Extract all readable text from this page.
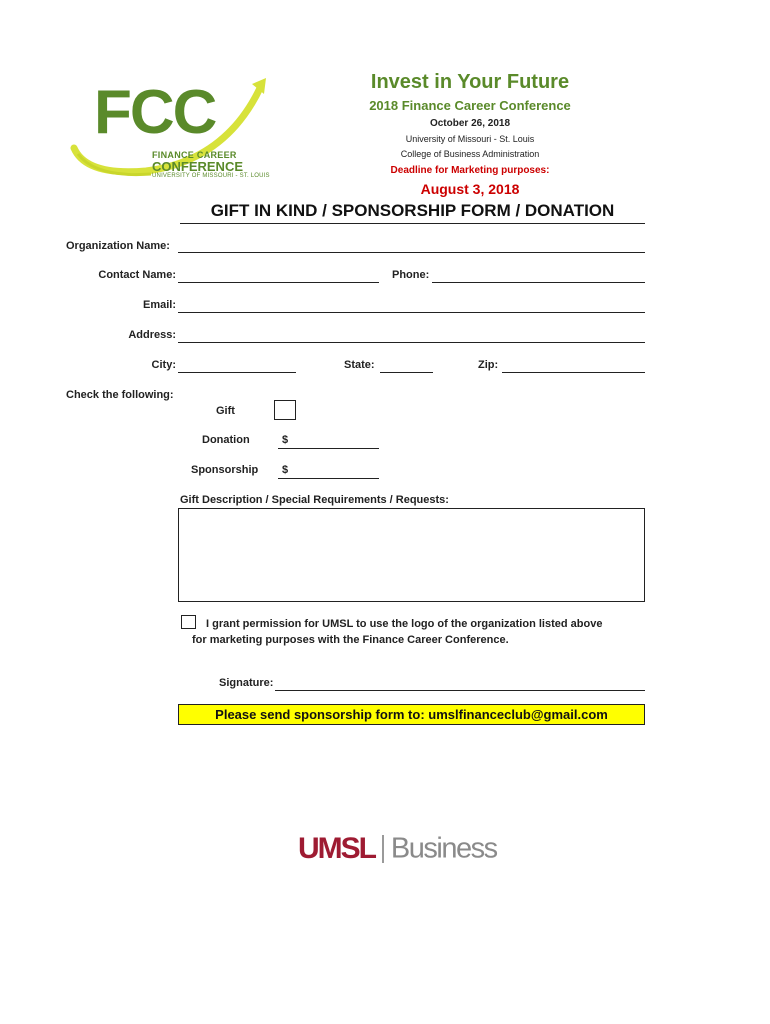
FCC
FINANCE CAREER
CONFERENCE
UNIVERSITY OF MISSOURI - ST. LOUIS
Invest in Your Future
2018 Finance Career Conference
October 26, 2018
University of Missouri - St. Louis
College of Business Administration
Deadline for Marketing purposes:
August 3, 2018
GIFT IN KIND / SPONSORSHIP FORM / DONATION
Organization Name:
Contact Name:	Phone:
Email:
Address:
City:	State:	Zip:
Check the following:
Gift
Donation	$
Sponsorship $
Gift Description / Special Requirements / Requests:
I grant permission for UMSL to use the logo of the organization listed above
for marketing purposes with the Finance Career Conference.
Signature:
Please send sponsorship form to: umslfinanceclub@gmail.com
UMSL Business
